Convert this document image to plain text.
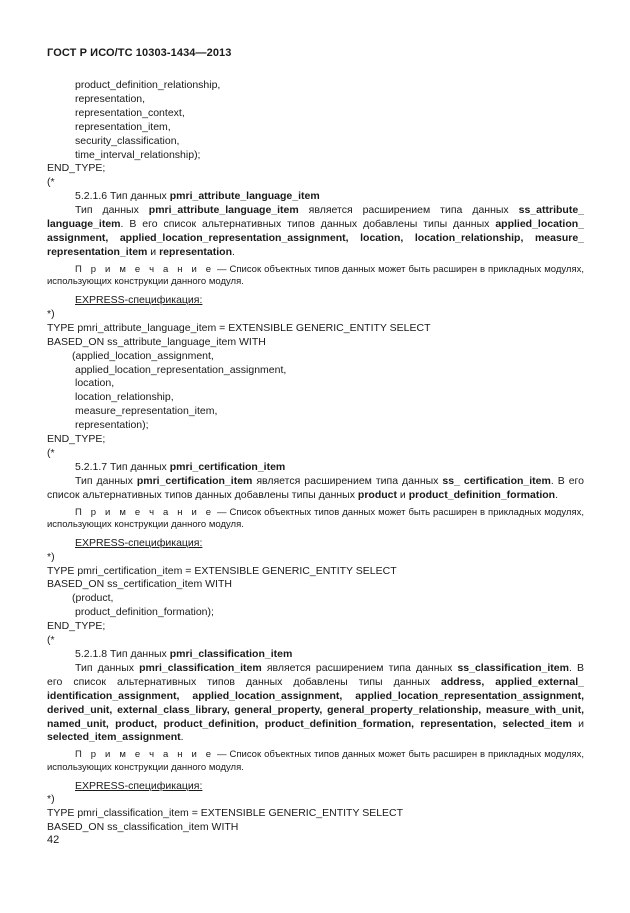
ГОСТ Р ИСО/ТС 10303-1434—2013
product_definition_relationship,
representation,
representation_context,
representation_item,
security_classification,
time_interval_relationship);
END_TYPE;
(*
5.2.1.6 Тип данных pmri_attribute_language_item
Тип данных pmri_attribute_language_item является расширением типа данных ss_attribute_ language_item. В его список альтернативных типов данных добавлены типы данных applied_location_ assignment, applied_location_representation_assignment, location, location_relationship, measure_ representation_item и representation.
П р и м е ч а н и е — Список объектных типов данных может быть расширен в прикладных модулях, использующих конструкции данного модуля.
EXPRESS-спецификация:
*)
TYPE pmri_attribute_language_item = EXTENSIBLE GENERIC_ENTITY SELECT
BASED_ON ss_attribute_language_item WITH
(applied_location_assignment,
applied_location_representation_assignment,
location,
location_relationship,
measure_representation_item,
representation);
END_TYPE;
(*
5.2.1.7 Тип данных pmri_certification_item
Тип данных pmri_certification_item является расширением типа данных ss_ certification_item. В его список альтернативных типов данных добавлены типы данных product и product_definition_formation.
П р и м е ч а н и е — Список объектных типов данных может быть расширен в прикладных модулях, использующих конструкции данного модуля.
EXPRESS-спецификация:
*)
TYPE pmri_certification_item = EXTENSIBLE GENERIC_ENTITY SELECT
BASED_ON ss_certification_item WITH
(product,
product_definition_formation);
END_TYPE;
(*
5.2.1.8 Тип данных pmri_classification_item
Тип данных pmri_classification_item является расширением типа данных ss_classification_item. В его список альтернативных типов данных добавлены типы данных address, applied_external_ identification_assignment, applied_location_assignment, applied_location_representation_assignment, derived_unit, external_class_library, general_property, general_property_relationship, measure_with_unit, named_unit, product, product_definition, product_definition_formation, representation, selected_item и selected_item_assignment.
П р и м е ч а н и е — Список объектных типов данных может быть расширен в прикладных модулях, использующих конструкции данного модуля.
EXPRESS-спецификация:
*)
TYPE pmri_classification_item = EXTENSIBLE GENERIC_ENTITY SELECT
BASED_ON ss_classification_item WITH
42
